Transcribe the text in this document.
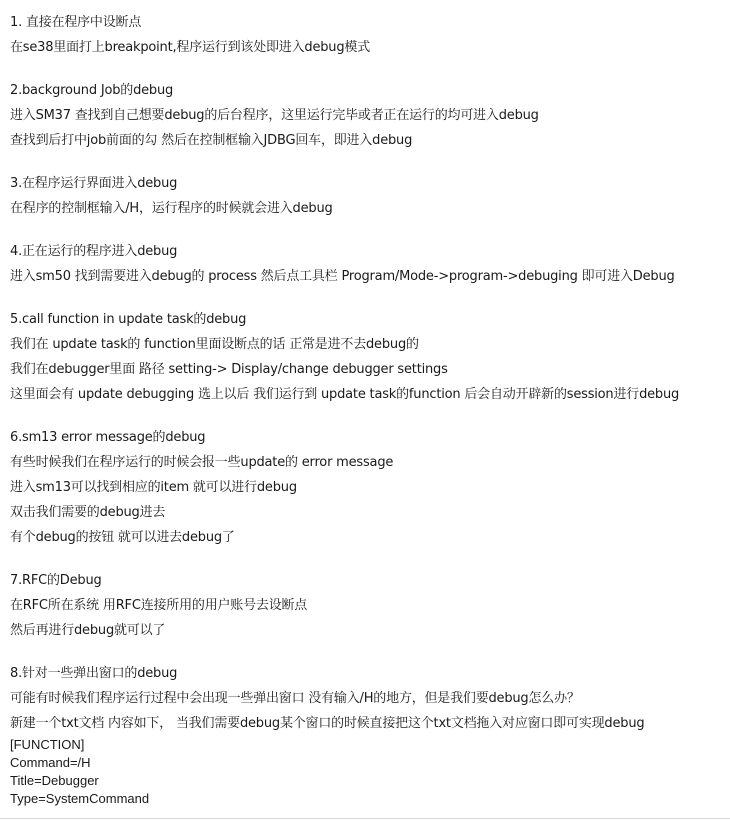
1. 直接在程序中设断点
在se38里面打上breakpoint,程序运行到该处即进入debug模式
2.background Job的debug
进入SM37 查找到自己想要debug的后台程序，这里运行完毕或者正在运行的均可进入debug
查找到后打中job前面的勾 然后在控制框输入JDBG回车，即进入debug
3.在程序运行界面进入debug
在程序的控制框输入/H，运行程序的时候就会进入debug
4.正在运行的程序进入debug
进入sm50 找到需要进入debug的 process 然后点工具栏 Program/Mode->program->debuging 即可进入Debug
5.call function in update task的debug
我们在 update task的 function里面设断点的话 正常是进不去debug的
我们在debugger里面 路径 setting-> Display/change debugger settings
这里面会有 update debugging 选上以后 我们运行到 update task的function 后会自动开辟新的session进行debug
6.sm13 error message的debug
有些时候我们在程序运行的时候会报一些update的 error message
进入sm13可以找到相应的item 就可以进行debug
双击我们需要的debug进去
有个debug的按钮 就可以进去debug了
7.RFC的Debug
在RFC所在系统 用RFC连接所用的用户账号去设断点
然后再进行debug就可以了
8.针对一些弹出窗口的debug
可能有时候我们程序运行过程中会出现一些弹出窗口 没有输入/H的地方，但是我们要debug怎么办？
新建一个txt文档 内容如下， 当我们需要debug某个窗口的时候直接把这个txt文档拖入对应窗口即可实现debug
[FUNCTION]
Command=/H
Title=Debugger
Type=SystemCommand
